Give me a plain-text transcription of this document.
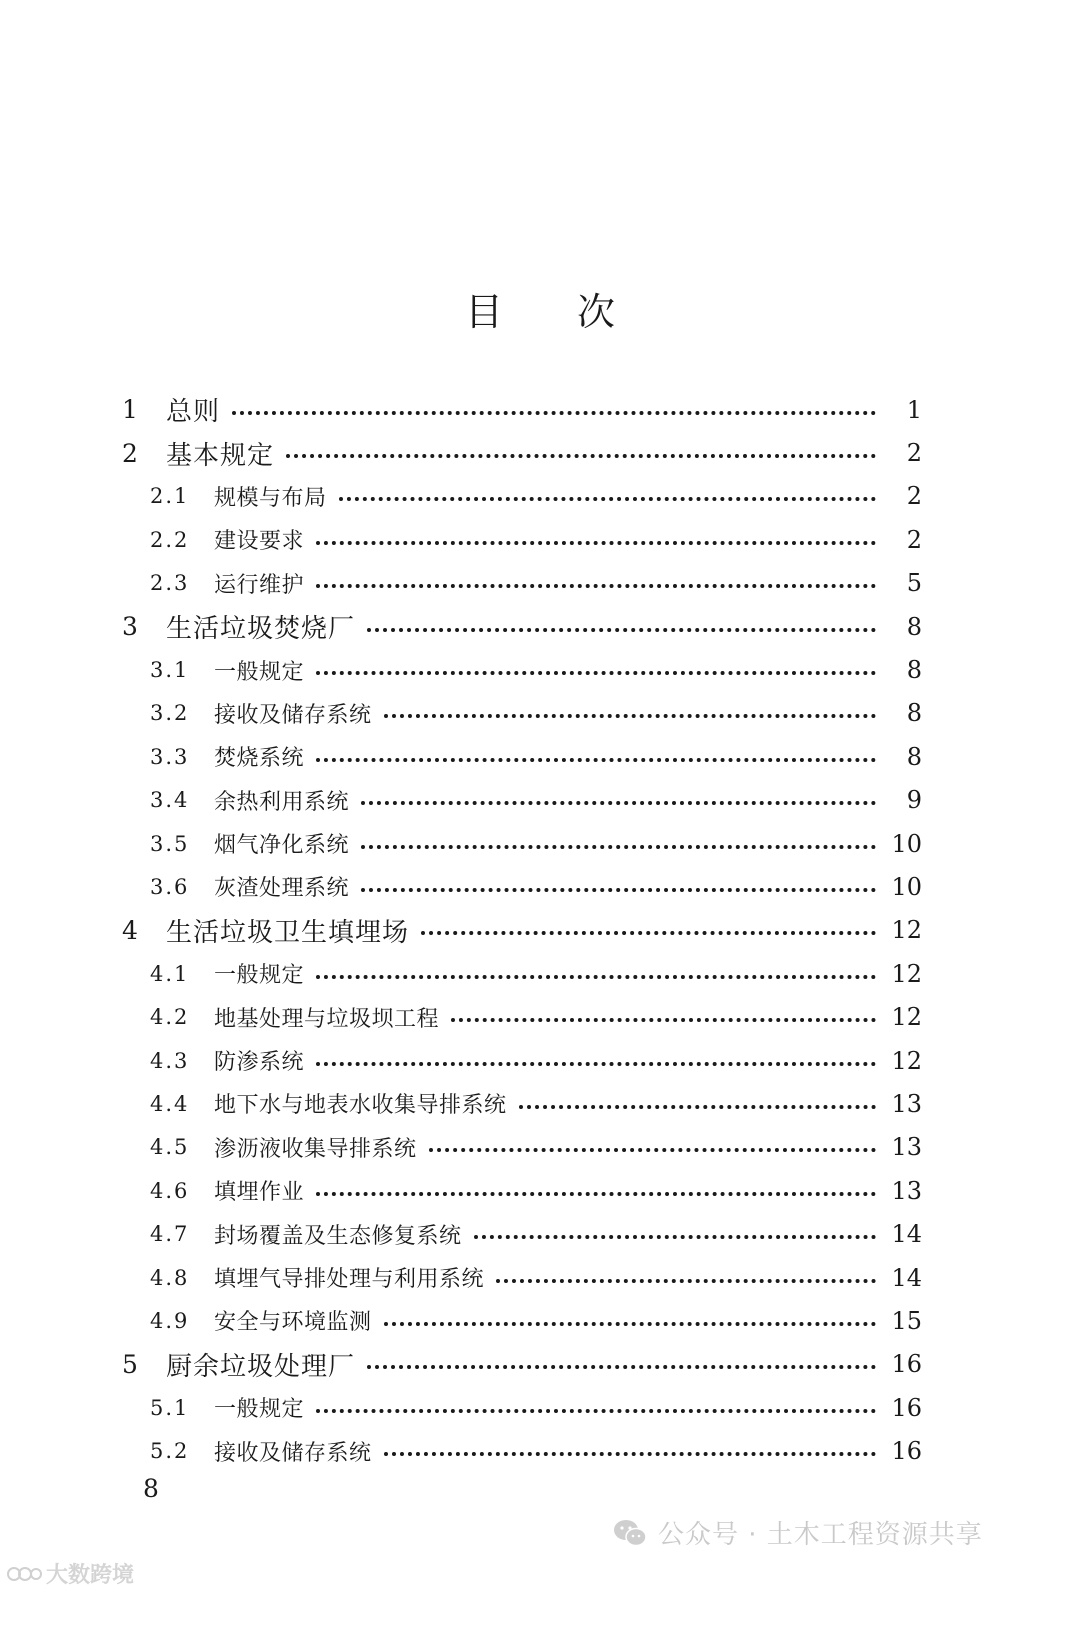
目次
1	总则	1
2	基本规定	2
2.1	规模与布局	2
2.2	建设要求	2
2.3	运行维护	5
3	生活垃圾焚烧厂	8
3.1	一般规定	8
3.2	接收及储存系统	8
3.3	焚烧系统	8
3.4	余热利用系统	9
3.5	烟气净化系统	10
3.6	灰渣处理系统	10
4	生活垃圾卫生填埋场	12
4.1	一般规定	12
4.2	地基处理与垃圾坝工程	12
4.3	防渗系统	12
4.4	地下水与地表水收集导排系统	13
4.5	渗沥液收集导排系统	13
4.6	填埋作业	13
4.7	封场覆盖及生态修复系统	14
4.8	填埋气导排处理与利用系统	14
4.9	安全与环境监测	15
5	厨余垃圾处理厂	16
5.1	一般规定	16
5.2	接收及储存系统	16
8
公众号 · 土木工程资源共享
大数跨境
